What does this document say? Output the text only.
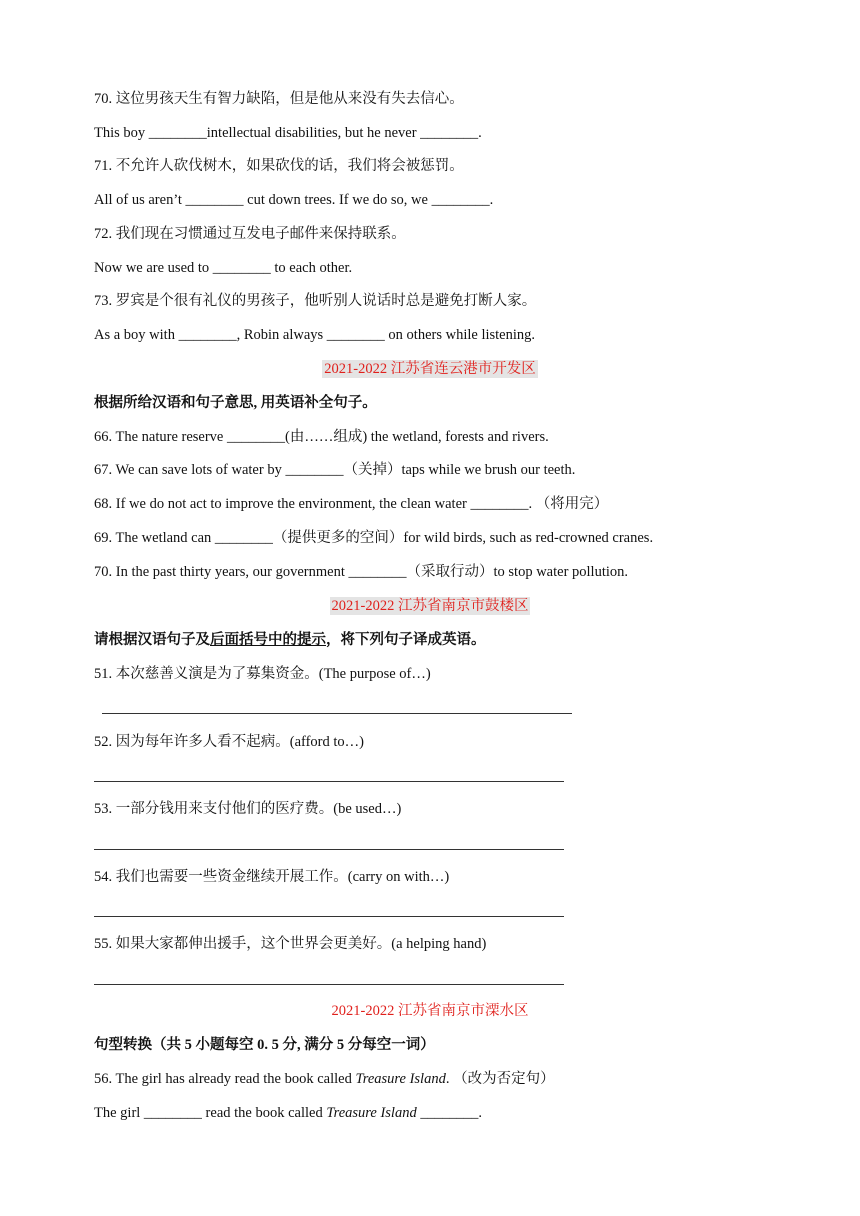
70. 这位男孩天生有智力缺陷，但是他从来没有失去信心。
This boy ________intellectual disabilities, but he never ________.
71. 不允许人砍伐树木，如果砍伐的话，我们将会被惩罚。
All of us aren’t ________ cut down trees. If we do so, we ________.
72. 我们现在习惯通过互发电子邮件来保持联系。
Now we are used to ________ to each other.
73. 罗宾是个很有礼仪的男孩子，他听别人说话时总是避免打断人家。
As a boy with ________, Robin always ________ on others while listening.
2021-2022 江苏省连云港市开发区
根据所给汉语和句子意思, 用英语补全句子。
66. The nature reserve ________(由……组成) the wetland, forests and rivers.
67. We can save lots of water by ________（关掉）taps while we brush our teeth.
68. If we do not act to improve the environment, the clean water ________. （将用完）
69. The wetland can ________（提供更多的空间）for wild birds, such as red-crowned cranes.
70. In the past thirty years, our government ________（采取行动）to stop water pollution.
2021-2022 江苏省南京市鼓楼区
请根据汉语句子及后面括号中的提示，将下列句子译成英语。
51. 本次慈善义演是为了募集资金。(The purpose of…)
52. 因为每年许多人看不起病。(afford to…)
53. 一部分钱用来支付他们的医疗费。(be used…)
54. 我们也需要一些资金继续开展工作。(carry on with…)
55. 如果大家都伸出援手，这个世界会更美好。(a helping hand)
2021-2022 江苏省南京市溧水区
句型转换（共 5 小题每空 0. 5 分, 满分 5 分每空一词）
56. The girl has already read the book called Treasure Island. （改为否定句）
The girl ________ read the book called Treasure Island ________.
